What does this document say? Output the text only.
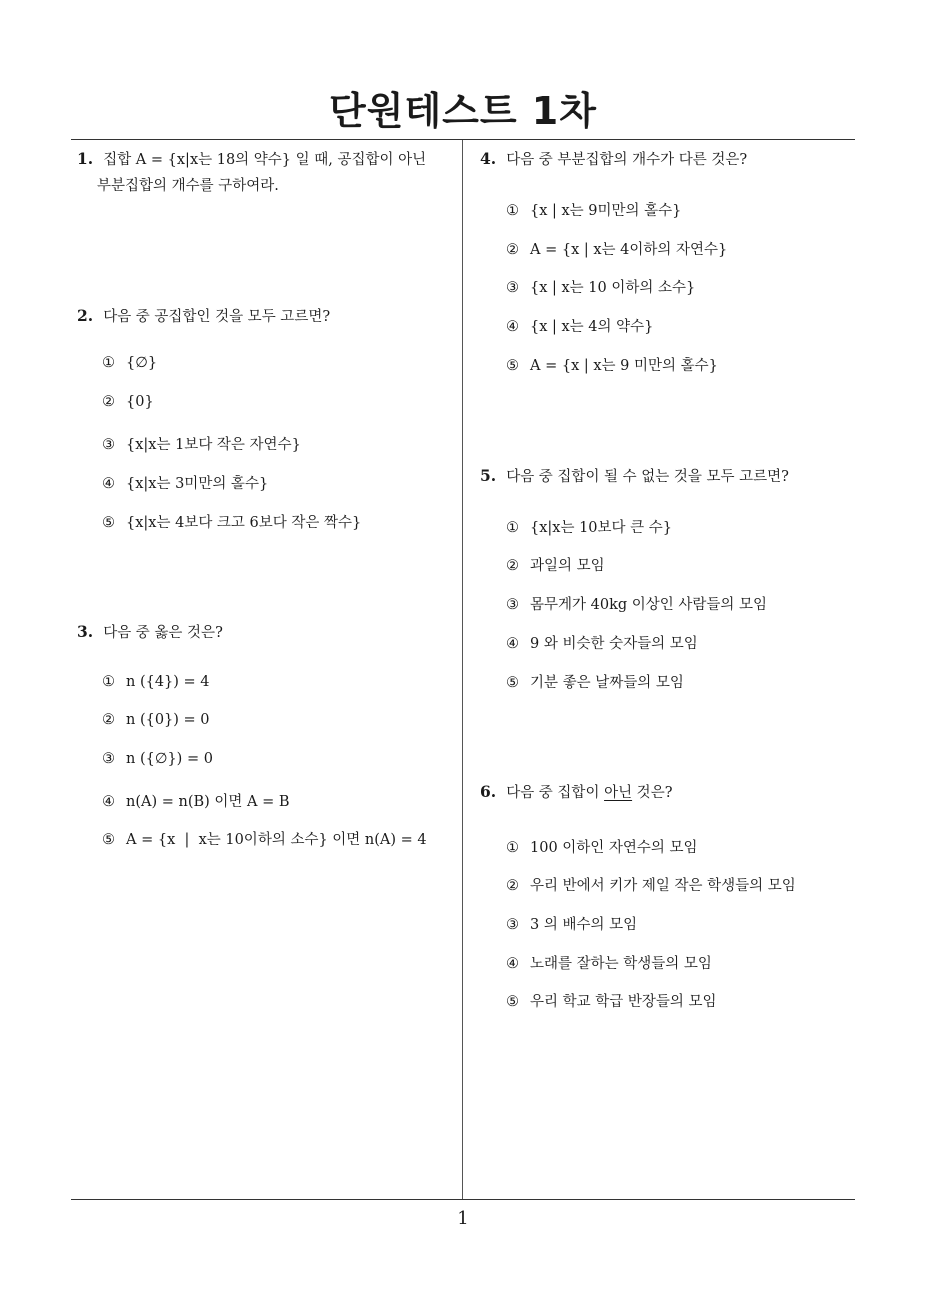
단원테스트 1차
1. 집합 A = {x|x는 18의 약수} 일 때, 공집합이 아닌
부분집합의 개수를 구하여라.
2. 다음 중 공집합인 것을 모두 고르면?
① {∅}
② {0}
③ {x|x는 1보다 작은 자연수}
④ {x|x는 3미만의 홀수}
⑤ {x|x는 4보다 크고 6보다 작은 짝수}
3. 다음 중 옳은 것은?
① n ({4}) = 4
② n ({0}) = 0
③ n ({∅}) = 0
④ n(A) = n(B) 이면 A = B
⑤ A = {x  |  x는 10이하의 소수} 이면 n(A) = 4
4. 다음 중 부분집합의 개수가 다른 것은?
① {x | x는 9미만의 홀수}
② A = {x | x는 4이하의 자연수}
③ {x | x는 10 이하의 소수}
④ {x | x는 4의 약수}
⑤ A = {x | x는 9 미만의 홀수}
5. 다음 중 집합이 될 수 없는 것을 모두 고르면?
① {x|x는 10보다 큰 수}
② 과일의 모임
③ 몸무게가 40kg 이상인 사람들의 모임
④ 9 와 비슷한 숫자들의 모임
⑤ 기분 좋은 날짜들의 모임
6. 다음 중 집합이 아닌 것은?
① 100 이하인 자연수의 모임
② 우리 반에서 키가 제일 작은 학생들의 모임
③ 3 의 배수의 모임
④ 노래를 잘하는 학생들의 모임
⑤ 우리 학교 학급 반장들의 모임
1
